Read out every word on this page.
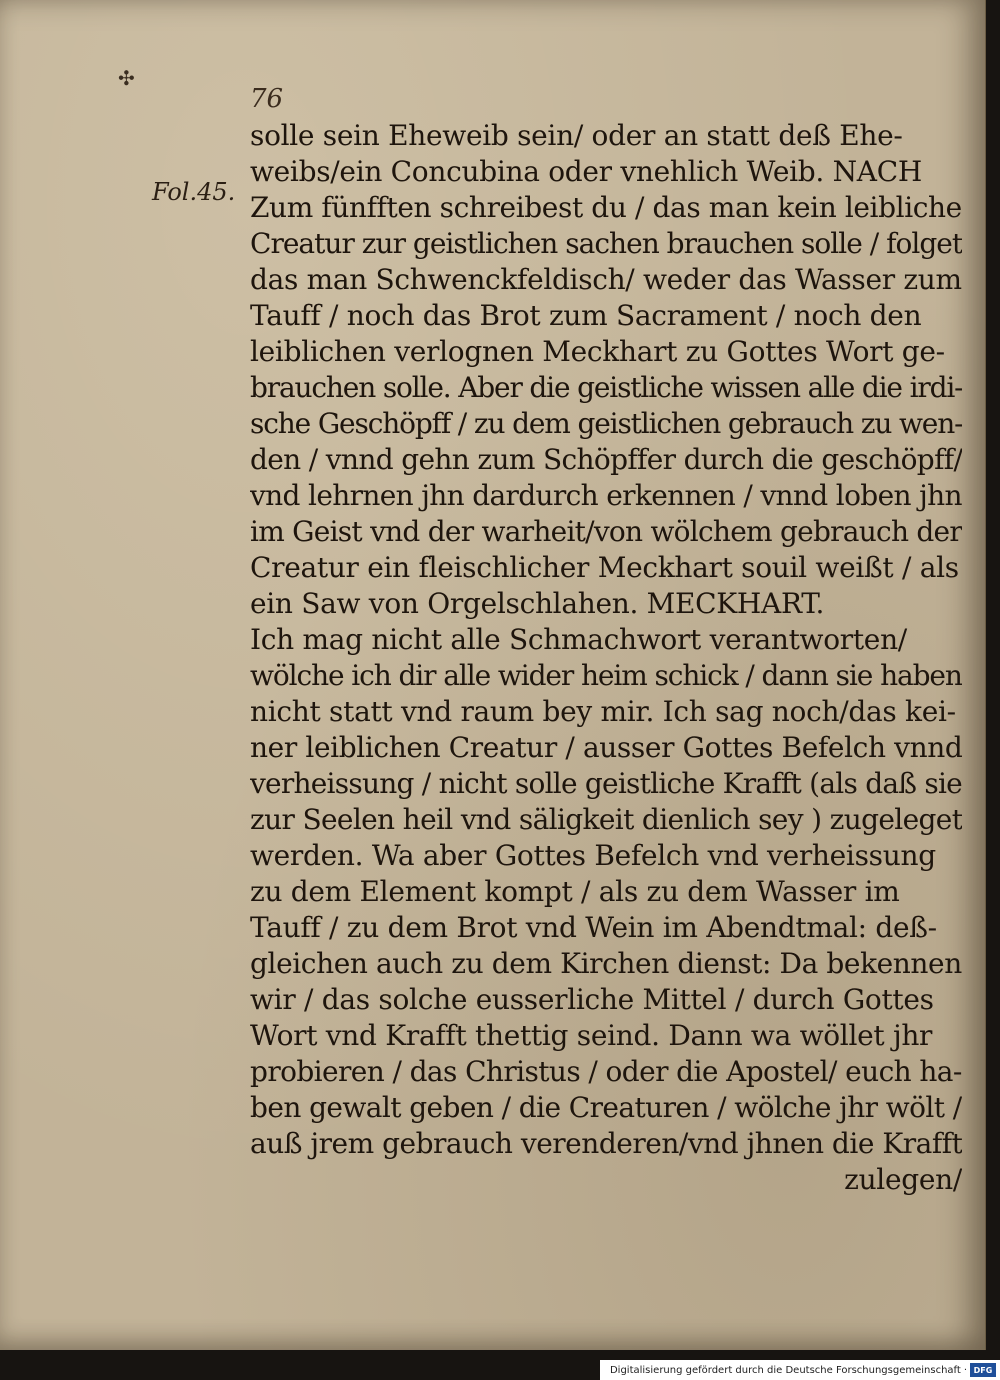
✣
76
Fol.45.
solle sein Eheweib sein/ oder an statt deß Ehe-
weibs/ein Concubina oder vnehlich Weib. NACH
Zum fünfften schreibest du / das man kein leibliche
Creatur zur geistlichen sachen brauchen solle / folget
das man Schwenckfeldisch/ weder das Wasser zum
Tauff / noch das Brot zum Sacrament / noch den
leiblichen verlognen Meckhart zu Gottes Wort ge-
brauchen solle. Aber die geistliche wissen alle die irdi-
sche Geschöpff / zu dem geistlichen gebrauch zu wen-
den / vnnd gehn zum Schöpffer durch die geschöpff/
vnd lehrnen jhn dardurch erkennen / vnnd loben jhn
im Geist vnd der warheit/von wölchem gebrauch der
Creatur ein fleischlicher Meckhart souil weißt / als
ein Saw von Orgelschlahen. MECKHART.
Ich mag nicht alle Schmachwort verantworten/
wölche ich dir alle wider heim schick / dann sie haben
nicht statt vnd raum bey mir. Ich sag noch/das kei-
ner leiblichen Creatur / ausser Gottes Befelch vnnd
verheissung / nicht solle geistliche Krafft (als daß sie
zur Seelen heil vnd säligkeit dienlich sey ) zugeleget
werden. Wa aber Gottes Befelch vnd verheissung
zu dem Element kompt / als zu dem Wasser im
Tauff / zu dem Brot vnd Wein im Abendtmal: deß-
gleichen auch zu dem Kirchen dienst: Da bekennen
wir / das solche eusserliche Mittel / durch Gottes
Wort vnd Krafft thettig seind. Dann wa wöllet jhr
probieren / das Christus / oder die Apostel/ euch ha-
ben gewalt geben / die Creaturen / wölche jhr wölt /
auß jrem gebrauch verenderen/vnd jhnen die Krafft
zulegen/
Digitalisierung gefördert durch die Deutsche Forschungsgemeinschaft · DFG
